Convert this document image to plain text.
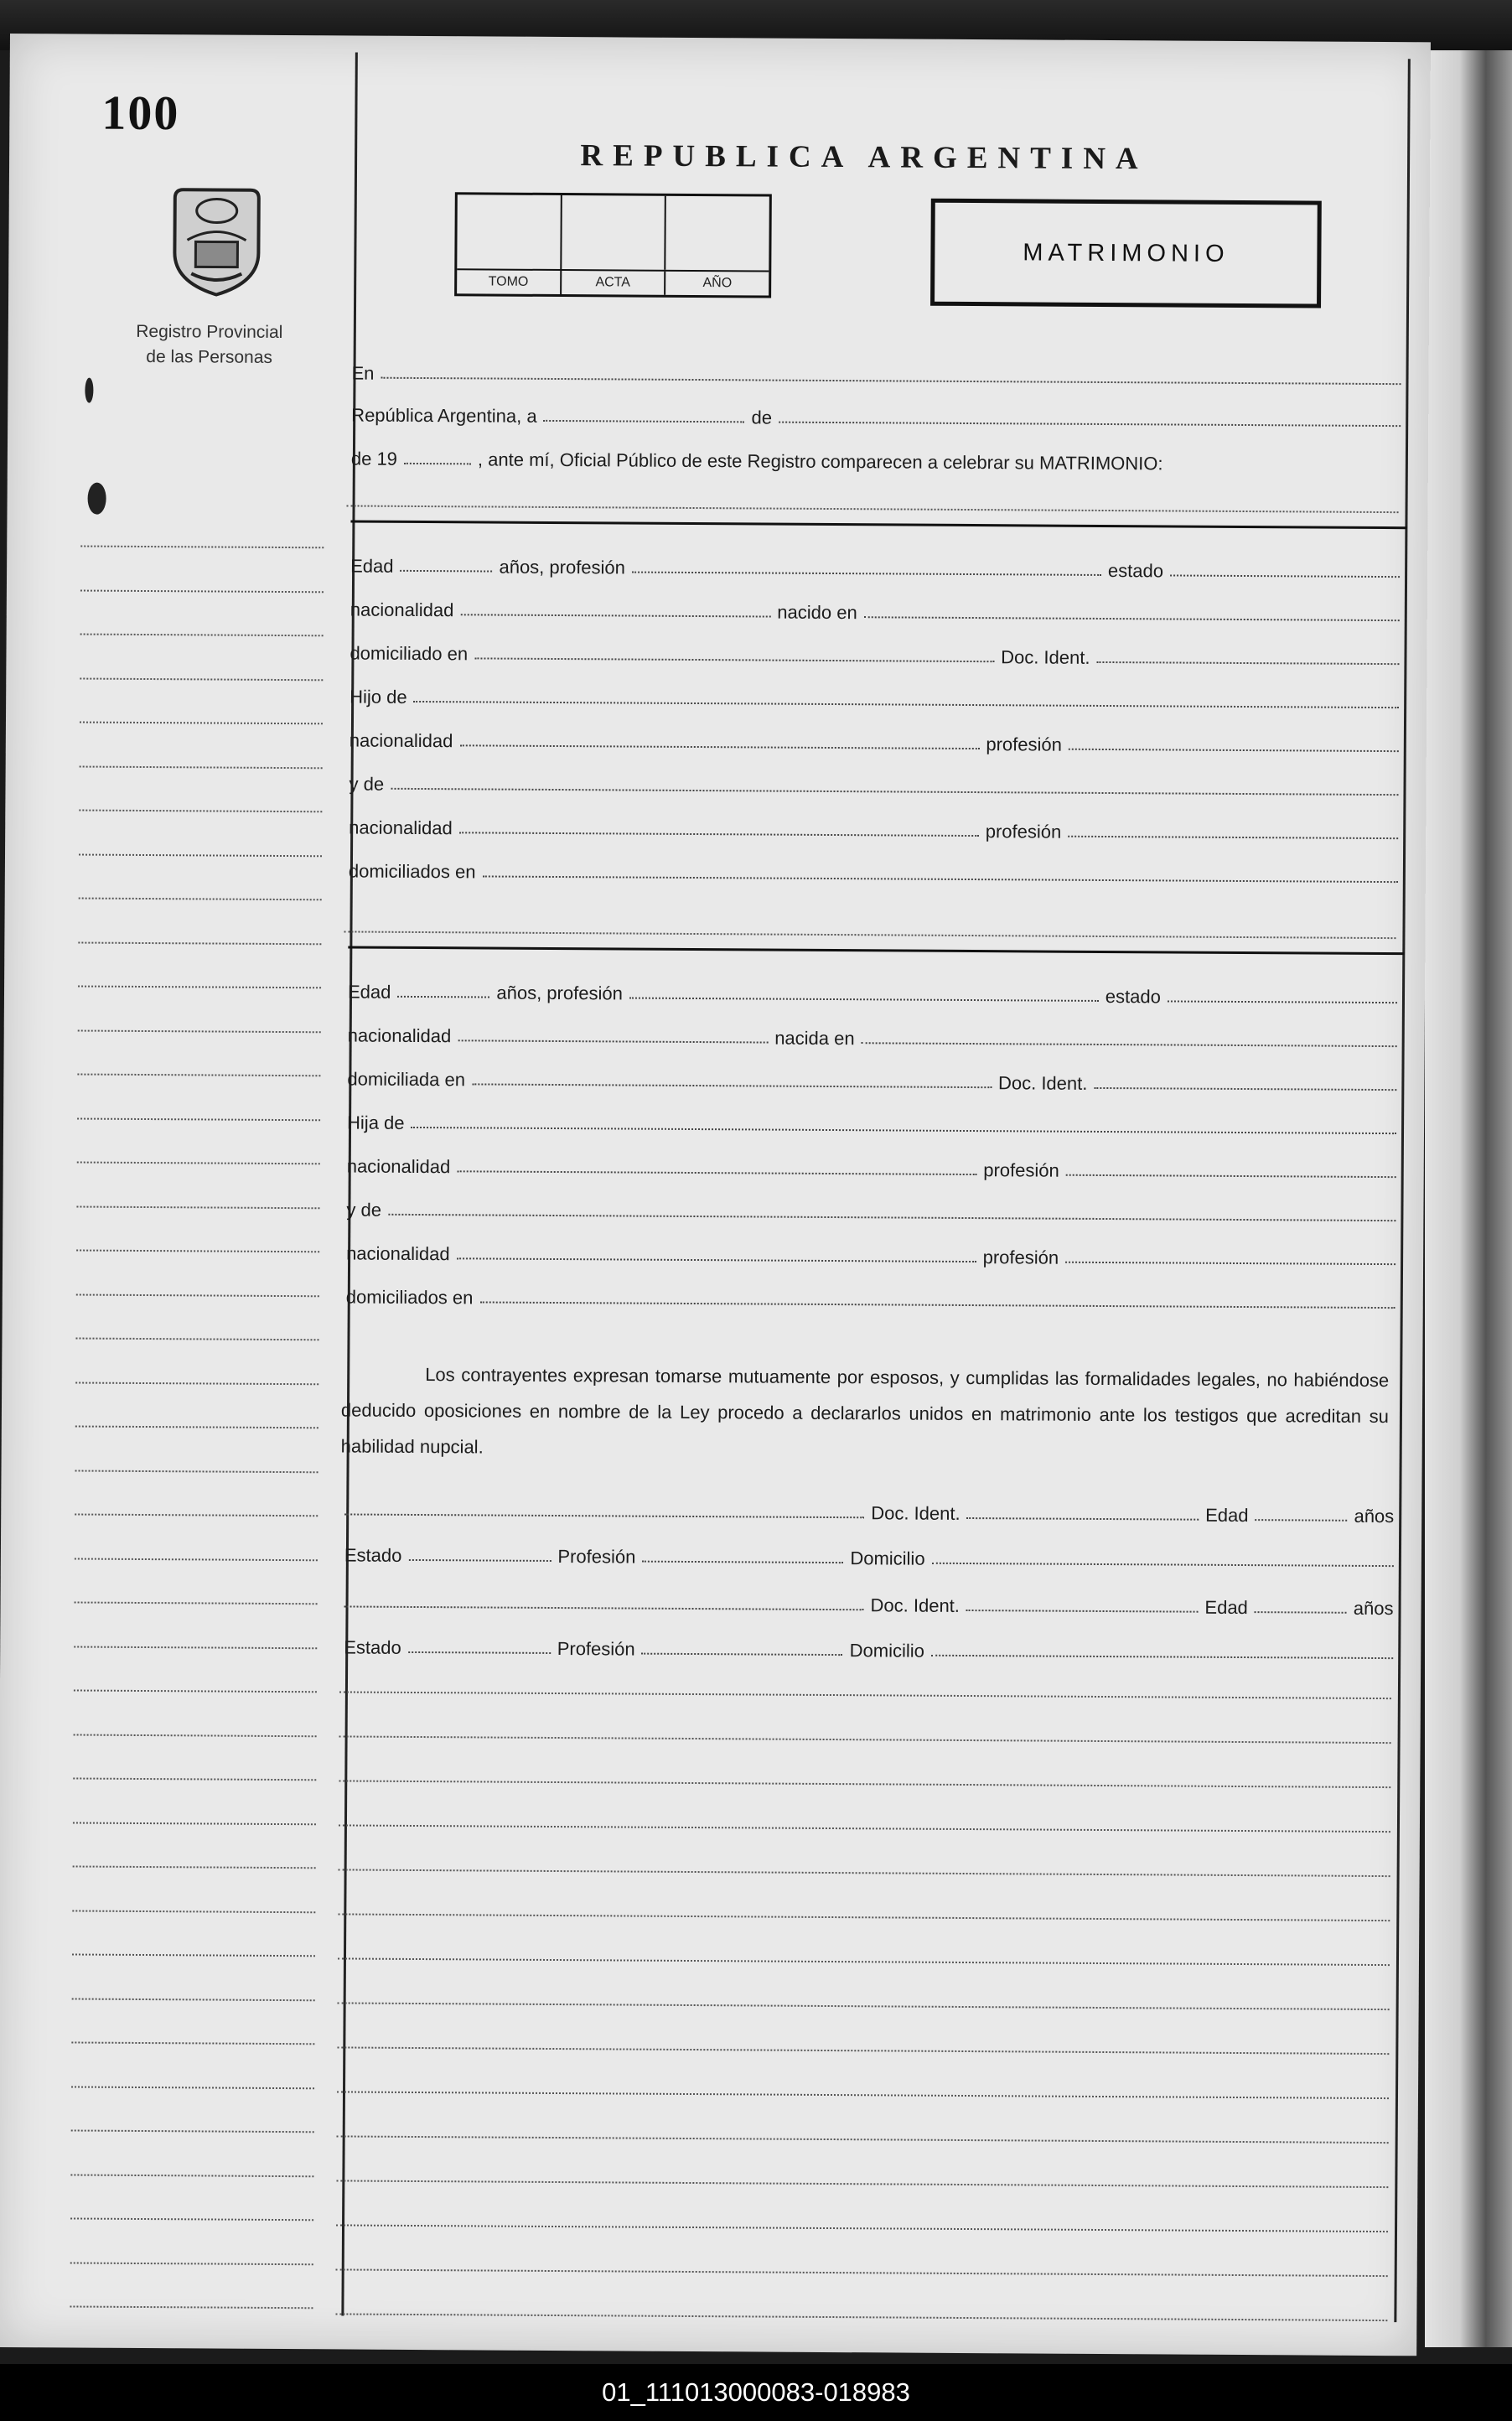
100
Registro Provincial
de las Personas
REPUBLICA ARGENTINA
TOMO	ACTA	AÑO
MATRIMONIO
En
República Argentina, a	de
de 19	, ante mí, Oficial Público de este Registro comparecen a celebrar su MATRIMONIO:
Edad	años, profesión	estado
nacionalidad	nacido en
domiciliado en	Doc. Ident.
Hijo de
nacionalidad	profesión
y de
nacionalidad	profesión
domiciliados en
Edad	años, profesión	estado
nacionalidad	nacida en
domiciliada en	Doc. Ident.
Hija de
nacionalidad	profesión
y de
nacionalidad	profesión
domiciliados en
Los contrayentes expresan tomarse mutuamente por esposos, y cumplidas las formalidades legales, no habiéndose deducido oposiciones en nombre de la Ley procedo a declararlos unidos en matrimonio ante los testigos que acreditan su habilidad nupcial.
Doc. Ident.	Edad	años
Estado	Profesión	Domicilio
Doc. Ident.	Edad	años
Estado	Profesión	Domicilio
01_111013000083-018983
